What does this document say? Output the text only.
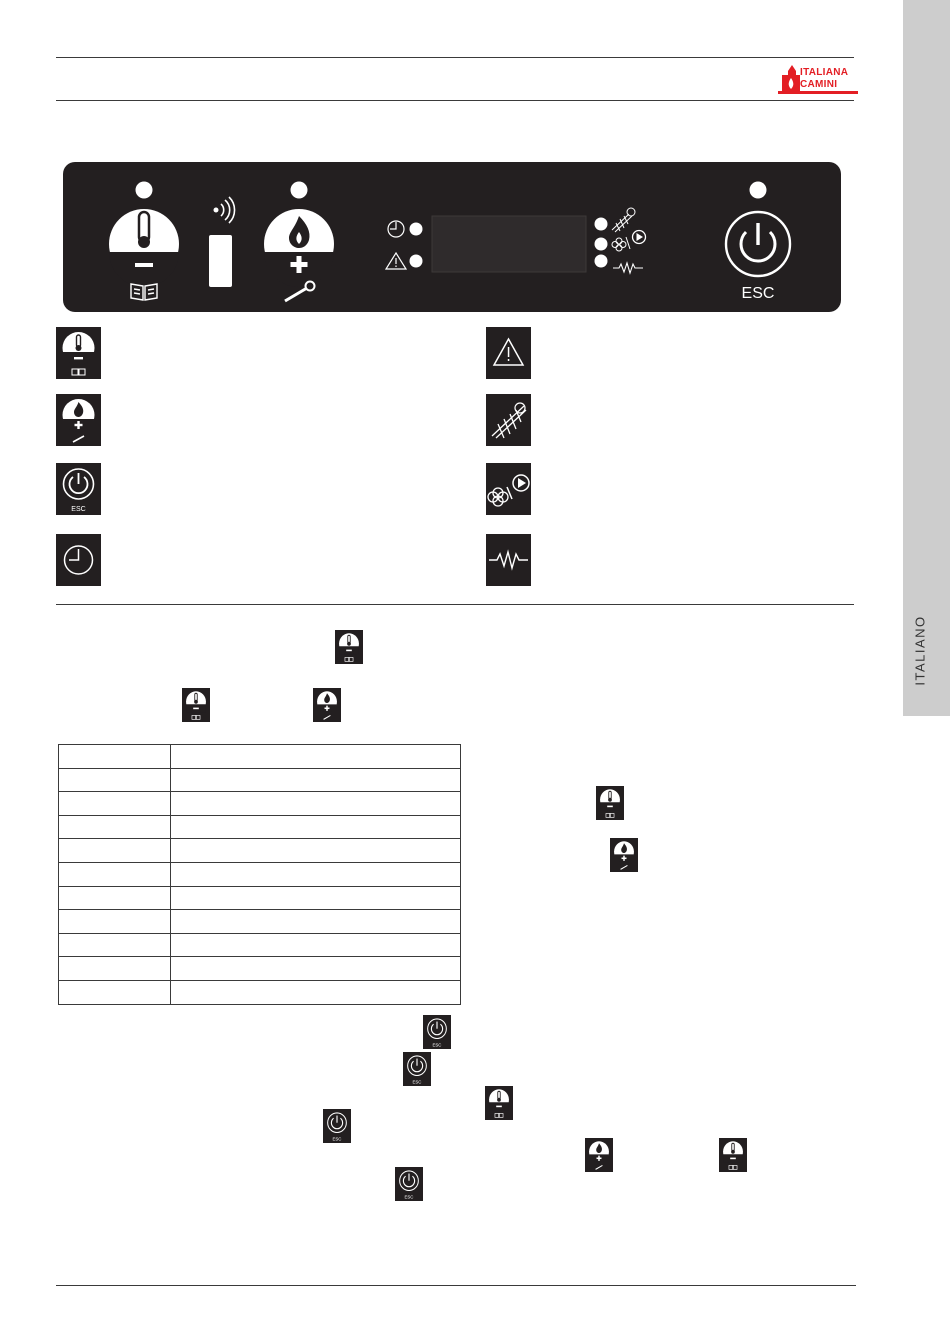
ITALIANA
CAMINI
ITALIANO
ESC
